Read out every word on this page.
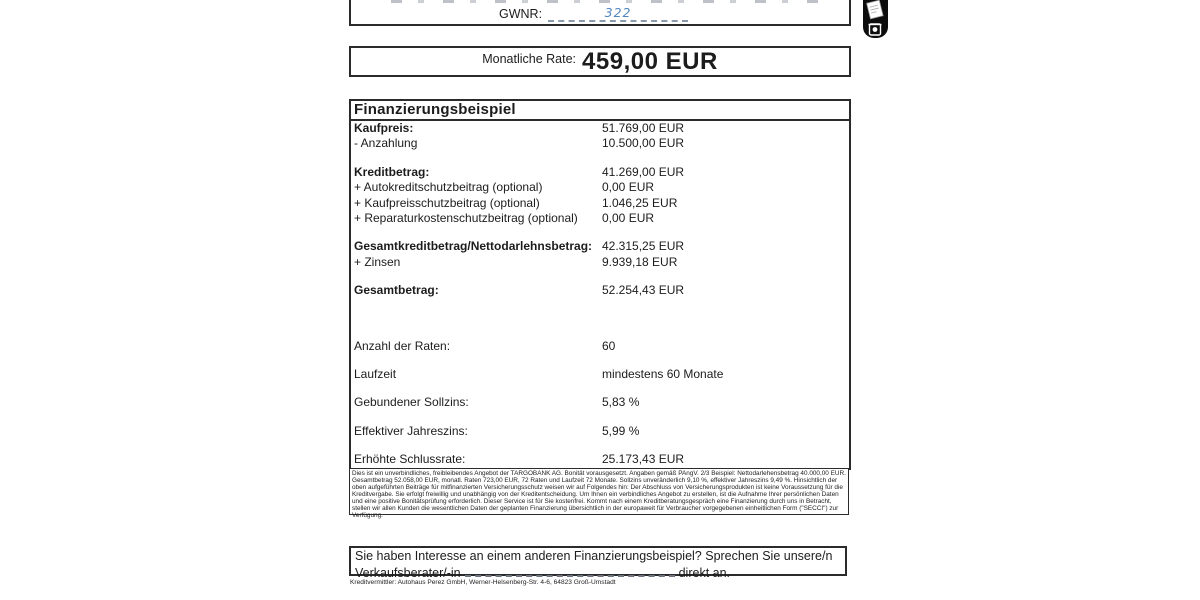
GWNR:	322
Monatliche Rate: 459,00 EUR
Finanzierungsbeispiel
Kaufpreis:	51.769,00 EUR
- Anzahlung	10.500,00 EUR
Kreditbetrag:	41.269,00 EUR
+ Autokreditschutzbeitrag (optional)	0,00 EUR
+ Kaufpreisschutzbeitrag (optional)	1.046,25 EUR
+ Reparaturkostenschutzbeitrag (optional)	0,00 EUR
Gesamtkreditbetrag/Nettodarlehnsbetrag: 42.315,25 EUR
+ Zinsen	9.939,18 EUR
Gesamtbetrag:	52.254,43 EUR
Anzahl der Raten:	60
Laufzeit	mindestens 60 Monate
Gebundener Sollzins:	5,83 %
Effektiver Jahreszins:	5,99 %
Erhöhte Schlussrate:	25.173,43 EUR
Dies ist ein unverbindliches, freibleibendes Angebot der TARGOBANK AG. Bonität vorausgesetzt. Angaben gemäß PAngV. 2/3 Beispiel: Nettodarlehensbetrag 40.000,00 EUR. Gesamtbetrag 52.058,00 EUR, monatl. Raten 723,00 EUR, 72 Raten und Laufzeit 72 Monate. Sollzins unveränderlich 9,10 %, effektiver Jahreszins 9,49 %. Hinsichtlich der oben aufgeführten Beiträge für mitfinanzierten Versicherungsschutz weisen wir auf Folgendes hin: Der Abschluss von Versicherungsprodukten ist keine Voraussetzung für die Kreditvergabe. Sie erfolgt freiwillig und unabhängig von der Kreditentscheidung. Um Ihnen ein verbindliches Angebot zu erstellen, ist die Aufnahme Ihrer persönlichen Daten und eine positive Bonitätsprüfung erforderlich. Dieser Service ist für Sie kostenfrei. Kommt nach einem Kreditberatungsgespräch eine Finanzierung durch uns in Betracht, stellen wir allen Kunden die wesentlichen Daten der geplanten Finanzierung übersichtlich in der europaweit für Verbraucher vorgegebenen einheitlichen Form ("SECCI") zur Verfügung.
Sie haben Interesse an einem anderen Finanzierungsbeispiel? Sprechen Sie unsere/n
Verkaufsberater/-in	direkt an.
Kreditvermittler: Autohaus Perez GmbH, Werner-Helsenberg-Str. 4-6, 64823 Groß-Umstadt
